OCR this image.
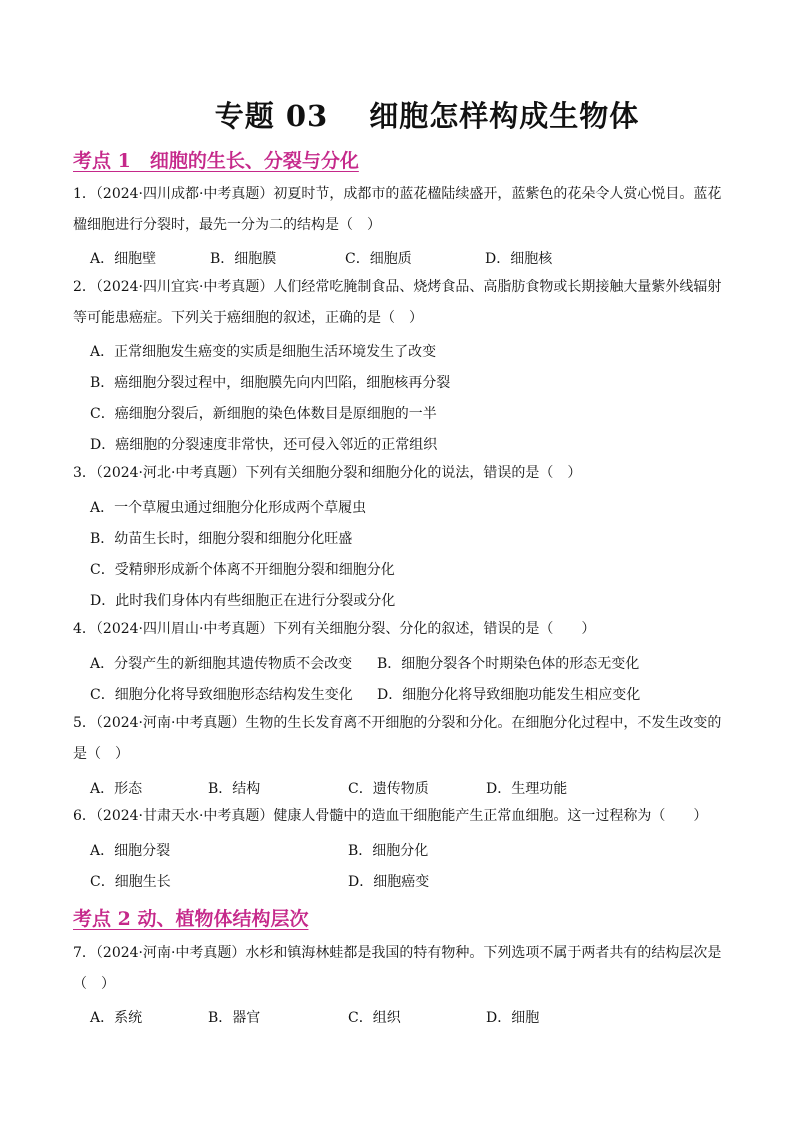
专题 03　 细胞怎样构成生物体
考点 1　细胞的生长、分裂与分化
1．（2024·四川成都·中考真题）初夏时节，成都市的蓝花楹陆续盛开，蓝紫色的花朵令人赏心悦目。蓝花楹细胞进行分裂时，最先一分为二的结构是（　）
A．细胞壁	B．细胞膜	C．细胞质	D．细胞核
2．（2024·四川宜宾·中考真题）人们经常吃腌制食品、烧烤食品、高脂肪食物或长期接触大量紫外线辐射等可能患癌症。下列关于癌细胞的叙述，正确的是（　）
A．正常细胞发生癌变的实质是细胞生活环境发生了改变
B．癌细胞分裂过程中，细胞膜先向内凹陷，细胞核再分裂
C．癌细胞分裂后，新细胞的染色体数目是原细胞的一半
D．癌细胞的分裂速度非常快，还可侵入邻近的正常组织
3．（2024·河北·中考真题）下列有关细胞分裂和细胞分化的说法，错误的是（　）
A．一个草履虫通过细胞分化形成两个草履虫
B．幼苗生长时，细胞分裂和细胞分化旺盛
C．受精卵形成新个体离不开细胞分裂和细胞分化
D．此时我们身体内有些细胞正在进行分裂或分化
4．（2024·四川眉山·中考真题）下列有关细胞分裂、分化的叙述，错误的是（　　）
A．分裂产生的新细胞其遗传物质不会改变 B．细胞分裂各个时期染色体的形态无变化
C．细胞分化将导致细胞形态结构发生变化 D．细胞分化将导致细胞功能发生相应变化
5．（2024·河南·中考真题）生物的生长发育离不开细胞的分裂和分化。在细胞分化过程中，不发生改变的是（　）
A．形态	B．结构	C．遗传物质	D．生理功能
6．（2024·甘肃天水·中考真题）健康人骨髓中的造血干细胞能产生正常血细胞。这一过程称为（　　）
A．细胞分裂	B．细胞分化
C．细胞生长	D．细胞癌变
考点 2 动、植物体结构层次
7．（2024·河南·中考真题）水杉和镇海林蛙都是我国的特有物种。下列选项不属于两者共有的结构层次是（　）
A．系统	B．器官	C．组织	D．细胞
